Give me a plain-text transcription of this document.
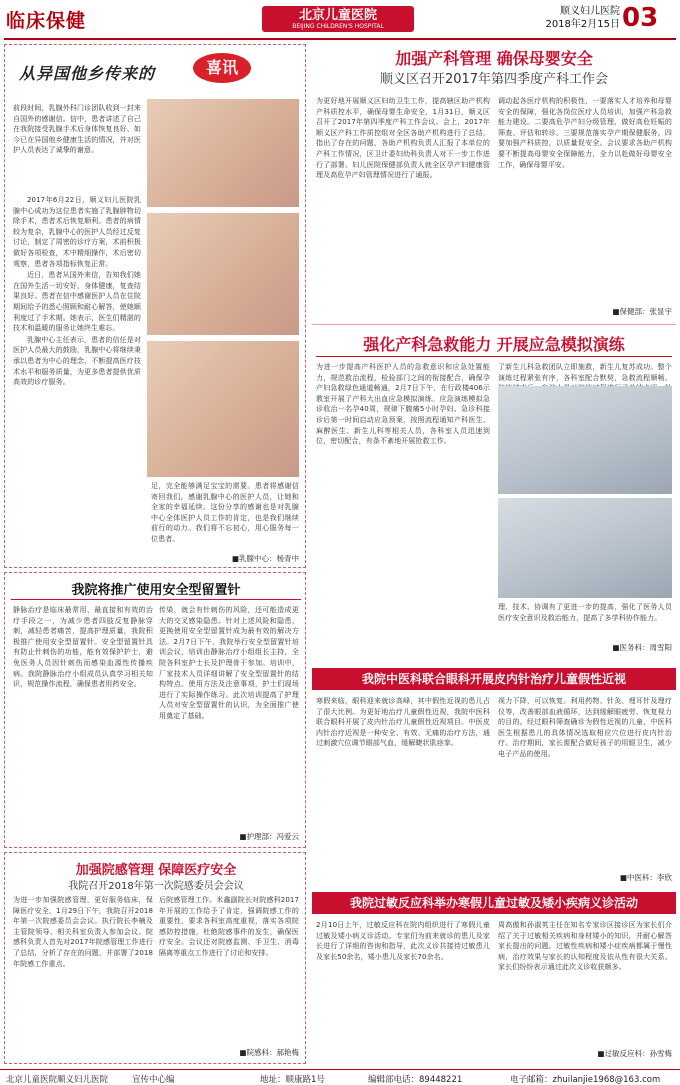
临床保健	北京儿童医院
BEIJING CHILDREN'S HOSPITAL
顺义妇儿医院
2018年2月15日 03
从异国他乡传来的	喜讯
前段时间，乳腺外科门诊团队收到一封来自国外的感谢信。信中，患者讲述了自己在我院接受乳腺手术后身体恢复良好、如今已在异国他乡健康生活的情况，并对医护人员表达了诚挚的谢意。

2017年6月22日，顺义妇儿医院乳腺中心成功为这位患者实施了乳腺肿物切除手术，患者术后恢复顺利。患者的病情较为复杂，乳腺中心的医护人员经过反复讨论，制定了周密的诊疗方案，术前积极做好各项检查，术中精细操作，术后密切观察，患者各项指标恢复正常。

近日，患者从国外来信，告知我们她在国外生活一切安好，身体健康，复查结果良好。患者在信中感谢医护人员在住院期间给予的悉心照顾和耐心解答，使她顺利度过了手术期。她表示，医生们精湛的技术和温暖的服务让她终生难忘。

乳腺中心主任表示，患者的信任是对医护人员最大的鼓励，乳腺中心将继续秉承以患者为中心的理念，不断提高医疗技术水平和服务质量，为更多患者提供优质高效的诊疗服务。

足，完全能够满足宝宝的需要。患者将感谢信寄回我们，感谢乳腺中心的医护人员，让她和全家的幸福延续。这份分享的感谢也是对乳腺中心全体医护人员工作的肯定，也是我们继续前行的动力。我们将不忘初心，用心服务每一位患者。
■乳腺中心：杨青中
我院将推广使用安全型留置针
静脉治疗是临床最常用、最直接和有效的治疗手段之一，为减少患者四肢反复静脉穿刺，减轻患者痛苦，提高护理质量，我院积极推广使用安全型留置针。安全型留置针具有防止针刺伤的功能，能有效保护护士，避免医务人员因针刺伤而感染血源性传播疾病。我院静脉治疗小组成员认真学习相关知识，规范操作流程，确保患者用药安全。
传染，就会有针刺伤的风险，还可能造成更大的交叉感染隐患。针对上述风险和隐患，更换使用安全型留置针成为最有效的解决方法。2月7日下午，我院举行安全型留置针培训会议，培训由静脉治疗小组组长主持，全院各科室护士长及护理骨干参加。培训中，厂家技术人员详细讲解了安全型留置针的结构特点、使用方法及注意事项，护士们现场进行了实际操作练习。此次培训提高了护理人员对安全型留置针的认识，为全面推广使用奠定了基础。
■护理部：冯爱云
加强院感管理 保障医疗安全
我院召开2018年第一次院感委员会会议
为进一步加强院感管理，更好服务临床，保障医疗安全，1月29日下午，我院召开2018年第一次院感委员会会议。执行院长李楠及主管院领导、相关科室负责人参加会议。院感科负责人首先对2017年院感管理工作进行了总结，分析了存在的问题，并部署了2018年院感工作重点。
后院感管理工作。米鑫副院长对院感科2017年开展的工作给予了肯定，强调院感工作的重要性，要求各科室高度重视，落实各项院感防控措施，杜绝院感事件的发生，确保医疗安全。会议还对院感监测、手卫生、消毒隔离等重点工作进行了讨论和安排。
■院感科：郝艳梅
加强产科管理 确保母婴安全
顺义区召开2017年第四季度产科工作会
为更好地开展顺义区妇幼卫生工作，提高辖区助产机构产科质控水平，确保母婴生命安全，1月31日，顺义区召开了2017年第四季度产科工作会议。会上，2017年顺义区产科工作质控组对全区各助产机构进行了总结，指出了存在的问题，各助产机构负责人汇报了本单位的产科工作情况，区卫计委妇幼科负责人对下一步工作进行了部署。妇儿医院保健部负责人就全区孕产妇健康管理及高危孕产妇管理情况进行了通报。
调动起各医疗机构的积极性，一要落实人才培养和母婴安全的保障，强化各岗位医疗人员培训，加强产科急救能力建设。二要高危孕产妇分级管理，做好高危妊娠的筛查、评估和转诊。三要规范落实孕产期保健服务。四要加强产科质控，以质量促安全。会议要求各助产机构要不断提高母婴安全保障能力，全力以赴做好母婴安全工作，确保母婴平安。
■保健部：张显宇
强化产科急救能力 开展应急模拟演练
为进一步提高产科医护人员的急救意识和应急处置能力，规范救治流程，检验部门之间的衔接配合，确保孕产妇急救绿色通道畅通，2月7日下午，在行政楼406示教室开展了产科大出血应急模拟演练。应急演练模拟急诊收治一名孕40周，规律下腹痛5小时孕妇。急诊科接诊后第一时间启动应急预案，按照流程通知产科医生、麻醉医生、新生儿科等相关人员，各科室人员迅速到位，密切配合，有条不紊地开展抢救工作。
了新生儿科急救团队立即施救，新生儿复苏成功。整个演练过程紧张有序，各科室配合默契，急救流程顺畅。
理、技术、协调有了更进一步的提高，强化了医务人员医疗安全意识及救治能力，提高了多学科协作能力。
■医务科：周雪阳
我院中医科联合眼科开展皮内针治疗儿童假性近视
寒假来临，眼科迎来就诊高峰，其中假性近视的患儿占了很大比例。为更好地治疗儿童假性近视，我院中医科联合眼科开展了皮内针治疗儿童假性近视项目。中医皮内针治疗近视是一种安全、有效、无痛的治疗方法，通过刺激穴位调节眼部气血，缓解睫状肌痉挛。
视力下降，可以恢复。利用药物、针灸、埋耳针及理疗仪等，改善眼部血液循环，达到缓解眼疲劳、恢复视力的目的。经过眼科筛查确诊为假性近视的儿童，中医科医生根据患儿的具体情况选取相应穴位进行皮内针治疗。治疗期间，家长需配合做好孩子的用眼卫生，减少电子产品的使用。
■中医科：李欣
我院过敏反应科举办寒假儿童过敏及矮小疾病义诊活动
2月10日上午，过敏反应科在院内组织进行了寒假儿童过敏及矮小病义诊活动。专家们为前来就诊的患儿及家长进行了详细的咨询和指导，此次义诊共接待过敏患儿及家长50余名，矮小患儿及家长70余名。
周高傲和孙淑英主任在知名专家诊区接诊区为家长们介绍了关于过敏相关疾病和身材矮小的知识，并耐心解答家长提出的问题。过敏性疾病和矮小症疾病都属于慢性病，治疗效果与家长的认知程度及依从性有很大关系。家长们纷纷表示通过此次义诊收获颇多。
■过敏反应科：孙雪梅
北京儿童医院顺义妇儿医院	宣传中心编	地址：顺康路1号	编辑部电话：89448221	电子邮箱：zhuilanjie1968@163.com
